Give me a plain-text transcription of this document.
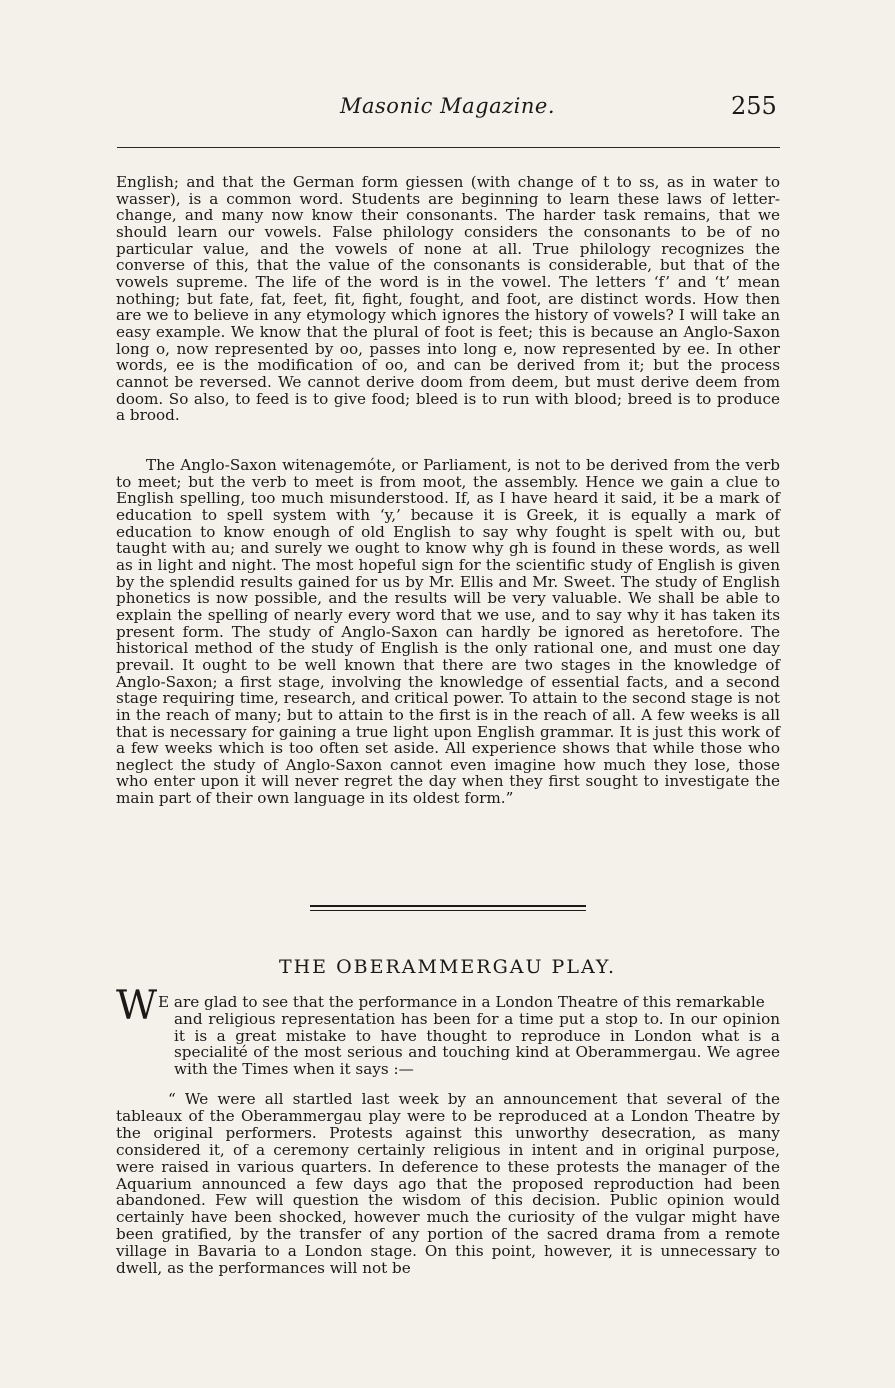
Masonic Magazine.	255

English; and that the German form giessen (with change of t to ss, as in water to wasser), is a common word. Students are beginning to learn these laws of letter-change, and many now know their consonants. The harder task remains, that we should learn our vowels. False philology considers the consonants to be of no particular value, and the vowels of none at all. True philology recognizes the converse of this, that the value of the consonants is considerable, but that of the vowels supreme. The life of the word is in the vowel. The letters ‘f’ and ‘t’ mean nothing; but fate, fat, feet, fit, fight, fought, and foot, are distinct words. How then are we to believe in any etymology which ignores the history of vowels? I will take an easy example. We know that the plural of foot is feet; this is because an Anglo-Saxon long o, now represented by oo, passes into long e, now represented by ee. In other words, ee is the modification of oo, and can be derived from it; but the process cannot be reversed. We cannot derive doom from deem, but must derive deem from doom. So also, to feed is to give food; bleed is to run with blood; breed is to produce a brood.

The Anglo-Saxon witenagemóte, or Parliament, is not to be derived from the verb to meet; but the verb to meet is from moot, the assembly. Hence we gain a clue to English spelling, too much misunderstood. If, as I have heard it said, it be a mark of education to spell system with ‘y,’ because it is Greek, it is equally a mark of education to know enough of old English to say why fought is spelt with ou, but taught with au; and surely we ought to know why gh is found in these words, as well as in light and night. The most hopeful sign for the scientific study of English is given by the splendid results gained for us by Mr. Ellis and Mr. Sweet. The study of English phonetics is now possible, and the results will be very valuable. We shall be able to explain the spelling of nearly every word that we use, and to say why it has taken its present form. The study of Anglo-Saxon can hardly be ignored as heretofore. The historical method of the study of English is the only rational one, and must one day prevail. It ought to be well known that there are two stages in the knowledge of Anglo-Saxon; a first stage, involving the knowledge of essential facts, and a second stage requiring time, research, and critical power. To attain to the second stage is not in the reach of many; but to attain to the first is in the reach of all. A few weeks is all that is necessary for gaining a true light upon English grammar. It is just this work of a few weeks which is too often set aside. All experience shows that while those who neglect the study of Anglo-Saxon cannot even imagine how much they lose, those who enter upon it will never regret the day when they first sought to investigate the main part of their own language in its oldest form.”

THE OBERAMMERGAU PLAY.
W E are glad to see that the performance in a London Theatre of this remarkable
and religious representation has been for a time put a stop to. In our opinion it is a great mistake to have thought to reproduce in London what is a specialité of the most serious and touching kind at Oberammergau. We agree with the Times when it says :—

“ We were all startled last week by an announcement that several of the tableaux of the Oberammergau play were to be reproduced at a London Theatre by the original performers. Protests against this unworthy desecration, as many considered it, of a ceremony certainly religious in intent and in original purpose, were raised in various quarters. In deference to these protests the manager of the Aquarium announced a few days ago that the proposed reproduction had been abandoned. Few will question the wisdom of this decision. Public opinion would certainly have been shocked, however much the curiosity of the vulgar might have been gratified, by the transfer of any portion of the sacred drama from a remote village in Bavaria to a London stage. On this point, however, it is unnecessary to dwell, as the performances will not be
